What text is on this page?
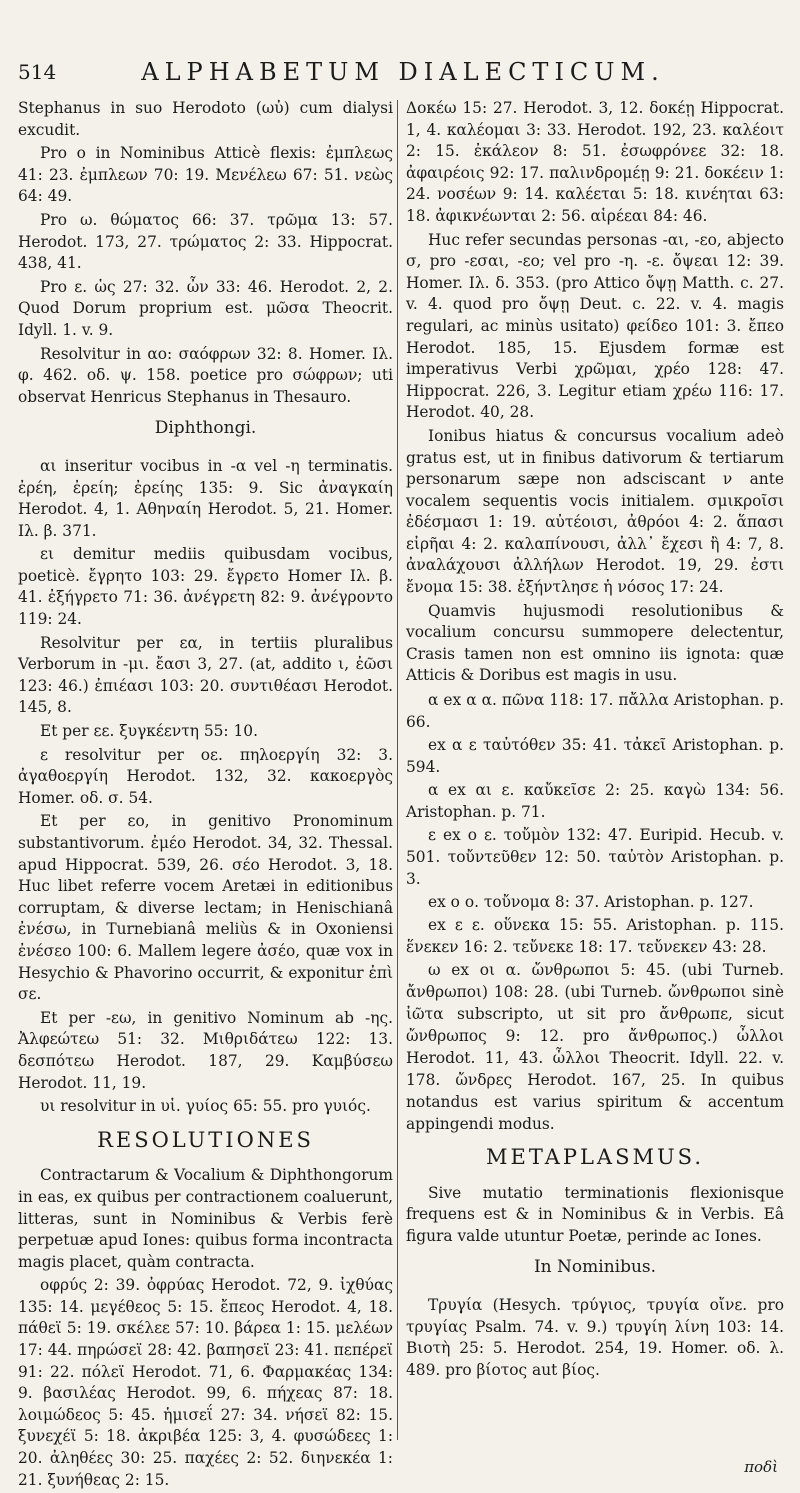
514	ALPHABETUM DIALECTICUM.

Stephanus in suo Herodoto (ωὐ) cum dialysi excudit.

Pro ο in Nominibus Atticè flexis: ἐμπλεως 41: 23. ἐμπλεων 70: 19. Μενέλεω 67: 51. νεὼς 64: 49.

Pro ω. θώματος 66: 37. τρῶμα 13: 57. Herodot. 173, 27. τρώματος 2: 33. Hippocrat. 438, 41.

Pro ε. ὡς 27: 32. ὦν 33: 46. Herodot. 2, 2. Quod Dorum proprium est. μῶσα Theocrit. Idyll. 1. v. 9.

Resolvitur in αο: σαόφρων 32: 8. Homer. Ιλ. φ. 462. οδ. ψ. 158. poetice pro σώφρων; uti observat Henricus Stephanus in Thesauro.

Diphthongi.

αι inseritur vocibus in -α vel -η terminatis. ἐρέη, ἐρείη; ἐρείης 135: 9. Sic ἀναγκαίη Herodot. 4, 1. Αθηναίη Herodot. 5, 21. Homer. Ιλ. β. 371.

ει demitur mediis quibusdam vocibus, poeticè. ἔγρητο 103: 29. ἔγρετο Homer Ιλ. β. 41. ἐξήγρετο 71: 36. ἀνέγρετη 82: 9. ἀνέγροντο 119: 24.

Resolvitur per εα, in tertiis pluralibus Verborum in -μι. ἔασι 3, 27. (at, addito ι, ἐῶσι 123: 46.) ἐπιέασι 103: 20. συντιθέασι Herodot. 145, 8.

Et per εε. ξυγκέεντη 55: 10.

ε resolvitur per οε. πηλοεργίη 32: 3. ἀγαθοεργίη Herodot. 132, 32. κακοεργὸς Homer. οδ. σ. 54.

Et per εο, in genitivo Pronominum substantivorum. ἐμέο Herodot. 34, 32. Thessal. apud Hippocrat. 539, 26. σέο Herodot. 3, 18. Huc libet referre vocem Aretæi in editionibus corruptam, & diverse lectam; in Henischianâ ἐνέσω, in Turnebianâ meliùs & in Oxoniensi ἐνέσεο 100: 6. Mallem legere ἀσέο, quæ vox in Hesychio & Phavorino occurrit, & exponitur ἐπὶ σε.

Et per -εω, in genitivo Nominum ab -ης. Ἀλφεώτεω 51: 32. Μιθριδάτεω 122: 13. δεσπότεω Herodot. 187, 29. Καμβύσεω Herodot. 11, 19.

υι resolvitur in υἱ. γυίος 65: 55. pro γυιός.

RESOLUTIONES

Contractarum & Vocalium & Diphthongorum in eas, ex quibus per contractionem coaluerunt, litteras, sunt in Nominibus & Verbis ferè perpetuæ apud Iones: quibus forma incontracta magis placet, quàm contracta.

οφρύς 2: 39. ὀφρύας Herodot. 72, 9. ἰχθύας 135: 14. μεγέθεος 5: 15. ἔπεος Herodot. 4, 18. πάθεϊ 5: 19. σκέλεε 57: 10. βάρεα 1: 15. μελέων 17: 44. πηρώσεϊ 28: 42. βαπησεϊ 23: 41. πεπέρεϊ 91: 22. πόλεϊ Herodot. 71, 6. Φαρμακέας 134: 9. βασιλέας Herodot. 99, 6. πήχεας 87: 18. λοιμώδεος 5: 45. ἡμισεΐ 27: 34. νήσεϊ 82: 15. ξυνεχέϊ 5: 18. ἀκριβέα 125: 3, 4. φυσώδεες 1: 20. ἀληθέες 30: 25. παχέες 2: 52. διηνεκέα 1: 21. ξυνήθεας 2: 15.

Δοκέω 15: 27. Herodot. 3, 12. δοκέῃ Hippocrat. 1, 4. καλέομαι 3: 33. Herodot. 192, 23. καλέοιτ 2: 15. ἐκάλεον 8: 51. ἐσωφρόνεε 32: 18. ἀφαιρέοις 92: 17. παλινδρομέῃ 9: 21. δοκέειν 1: 24. νοσέων 9: 14. καλέεται 5: 18. κινέηται 63: 18. ἀφικνέωνται 2: 56. αἱρέεαι 84: 46.

Huc refer secundas personas -αι, -εο, abjecto σ, pro -εσαι, -εο; vel pro -η. -ε. ὄψεαι 12: 39. Homer. Ιλ. δ. 353. (pro Attico ὄψῃ Matth. c. 27. v. 4. quod pro ὄψῃ Deut. c. 22. v. 4. magis regulari, ac minùs usitato) φείδεο 101: 3. ἔπεο Herodot. 185, 15. Ejusdem formæ est imperativus Verbi χρῶμαι, χρέο 128: 47. Hippocrat. 226, 3. Legitur etiam χρέω 116: 17. Herodot. 40, 28.

Ionibus hiatus & concursus vocalium adeò gratus est, ut in finibus dativorum & tertiarum personarum sæpe non adsciscant ν ante vocalem sequentis vocis initialem. σμικροῖσι ἐδέσμασι 1: 19. αὐτέοισι, ἀθρόοι 4: 2. ἅπασι εἰρῆαι 4: 2. καλαπίνουσι, ἀλλ᾽ ἔχεσι ἢ 4: 7, 8. ἀναλάχουσι ἀλλήλων Herodot. 19, 29. ἐστι ἔνομα 15: 38. ἐξήντλησε ἡ νόσος 17: 24.

Quamvis hujusmodi resolutionibus & vocalium concursu summopere delectentur, Crasis tamen non est omnino iis ignota: quæ Atticis & Doribus est magis in usu.

α ex α α. πῶνα 118: 17. πἄλλα Aristophan. p. 66.

ex α ε ταὐτόθεν 35: 41. τἀκεῖ Aristophan. p. 594.

α ex αι ε. καὔκεῖσε 2: 25. καγὼ 134: 56. Aristophan. p. 71.

ε ex ο ε. τοὔμὸν 132: 47. Euripid. Hecub. v. 501. τοὔντεῦθεν 12: 50. ταὐτὸν Aristophan. p. 3.

ex ο ο. τοὔνομα 8: 37. Aristophan. p. 127.

ex ε ε. οὕνεκα 15: 55. Aristophan. p. 115. ἕνεκεν 16: 2. τεὔνεκε 18: 17. τεὔνεκεν 43: 28.

ω ex οι α. ὤνθρωποι 5: 45. (ubi Turneb. ἄνθρωποι) 108: 28. (ubi Turneb. ὤνθρωποι sinè ἰῶτα subscripto, ut sit pro ἄνθρωπε, sicut ὤνθρωπος 9: 12. pro ἄνθρωπος.) ὦλλοι Herodot. 11, 43. ὦλλοι Theocrit. Idyll. 22. v. 178. ὤνδρες Herodot. 167, 25. In quibus notandus est varius spiritum & accentum appingendi modus.

METAPLASMUS.

Sive mutatio terminationis flexionisque frequens est & in Nominibus & in Verbis. Eâ figura valde utuntur Poetæ, perinde ac Iones.

In Nominibus.

Τρυγία (Hesych. τρύγιος, τρυγία οἴνε. pro τρυγίας Psalm. 74. v. 9.) τρυγίη λίνη 103: 14. Βιοτὴ 25: 5. Herodot. 254, 19. Homer. οδ. λ. 489. pro βίοτος aut βίος.

ποδὶ
